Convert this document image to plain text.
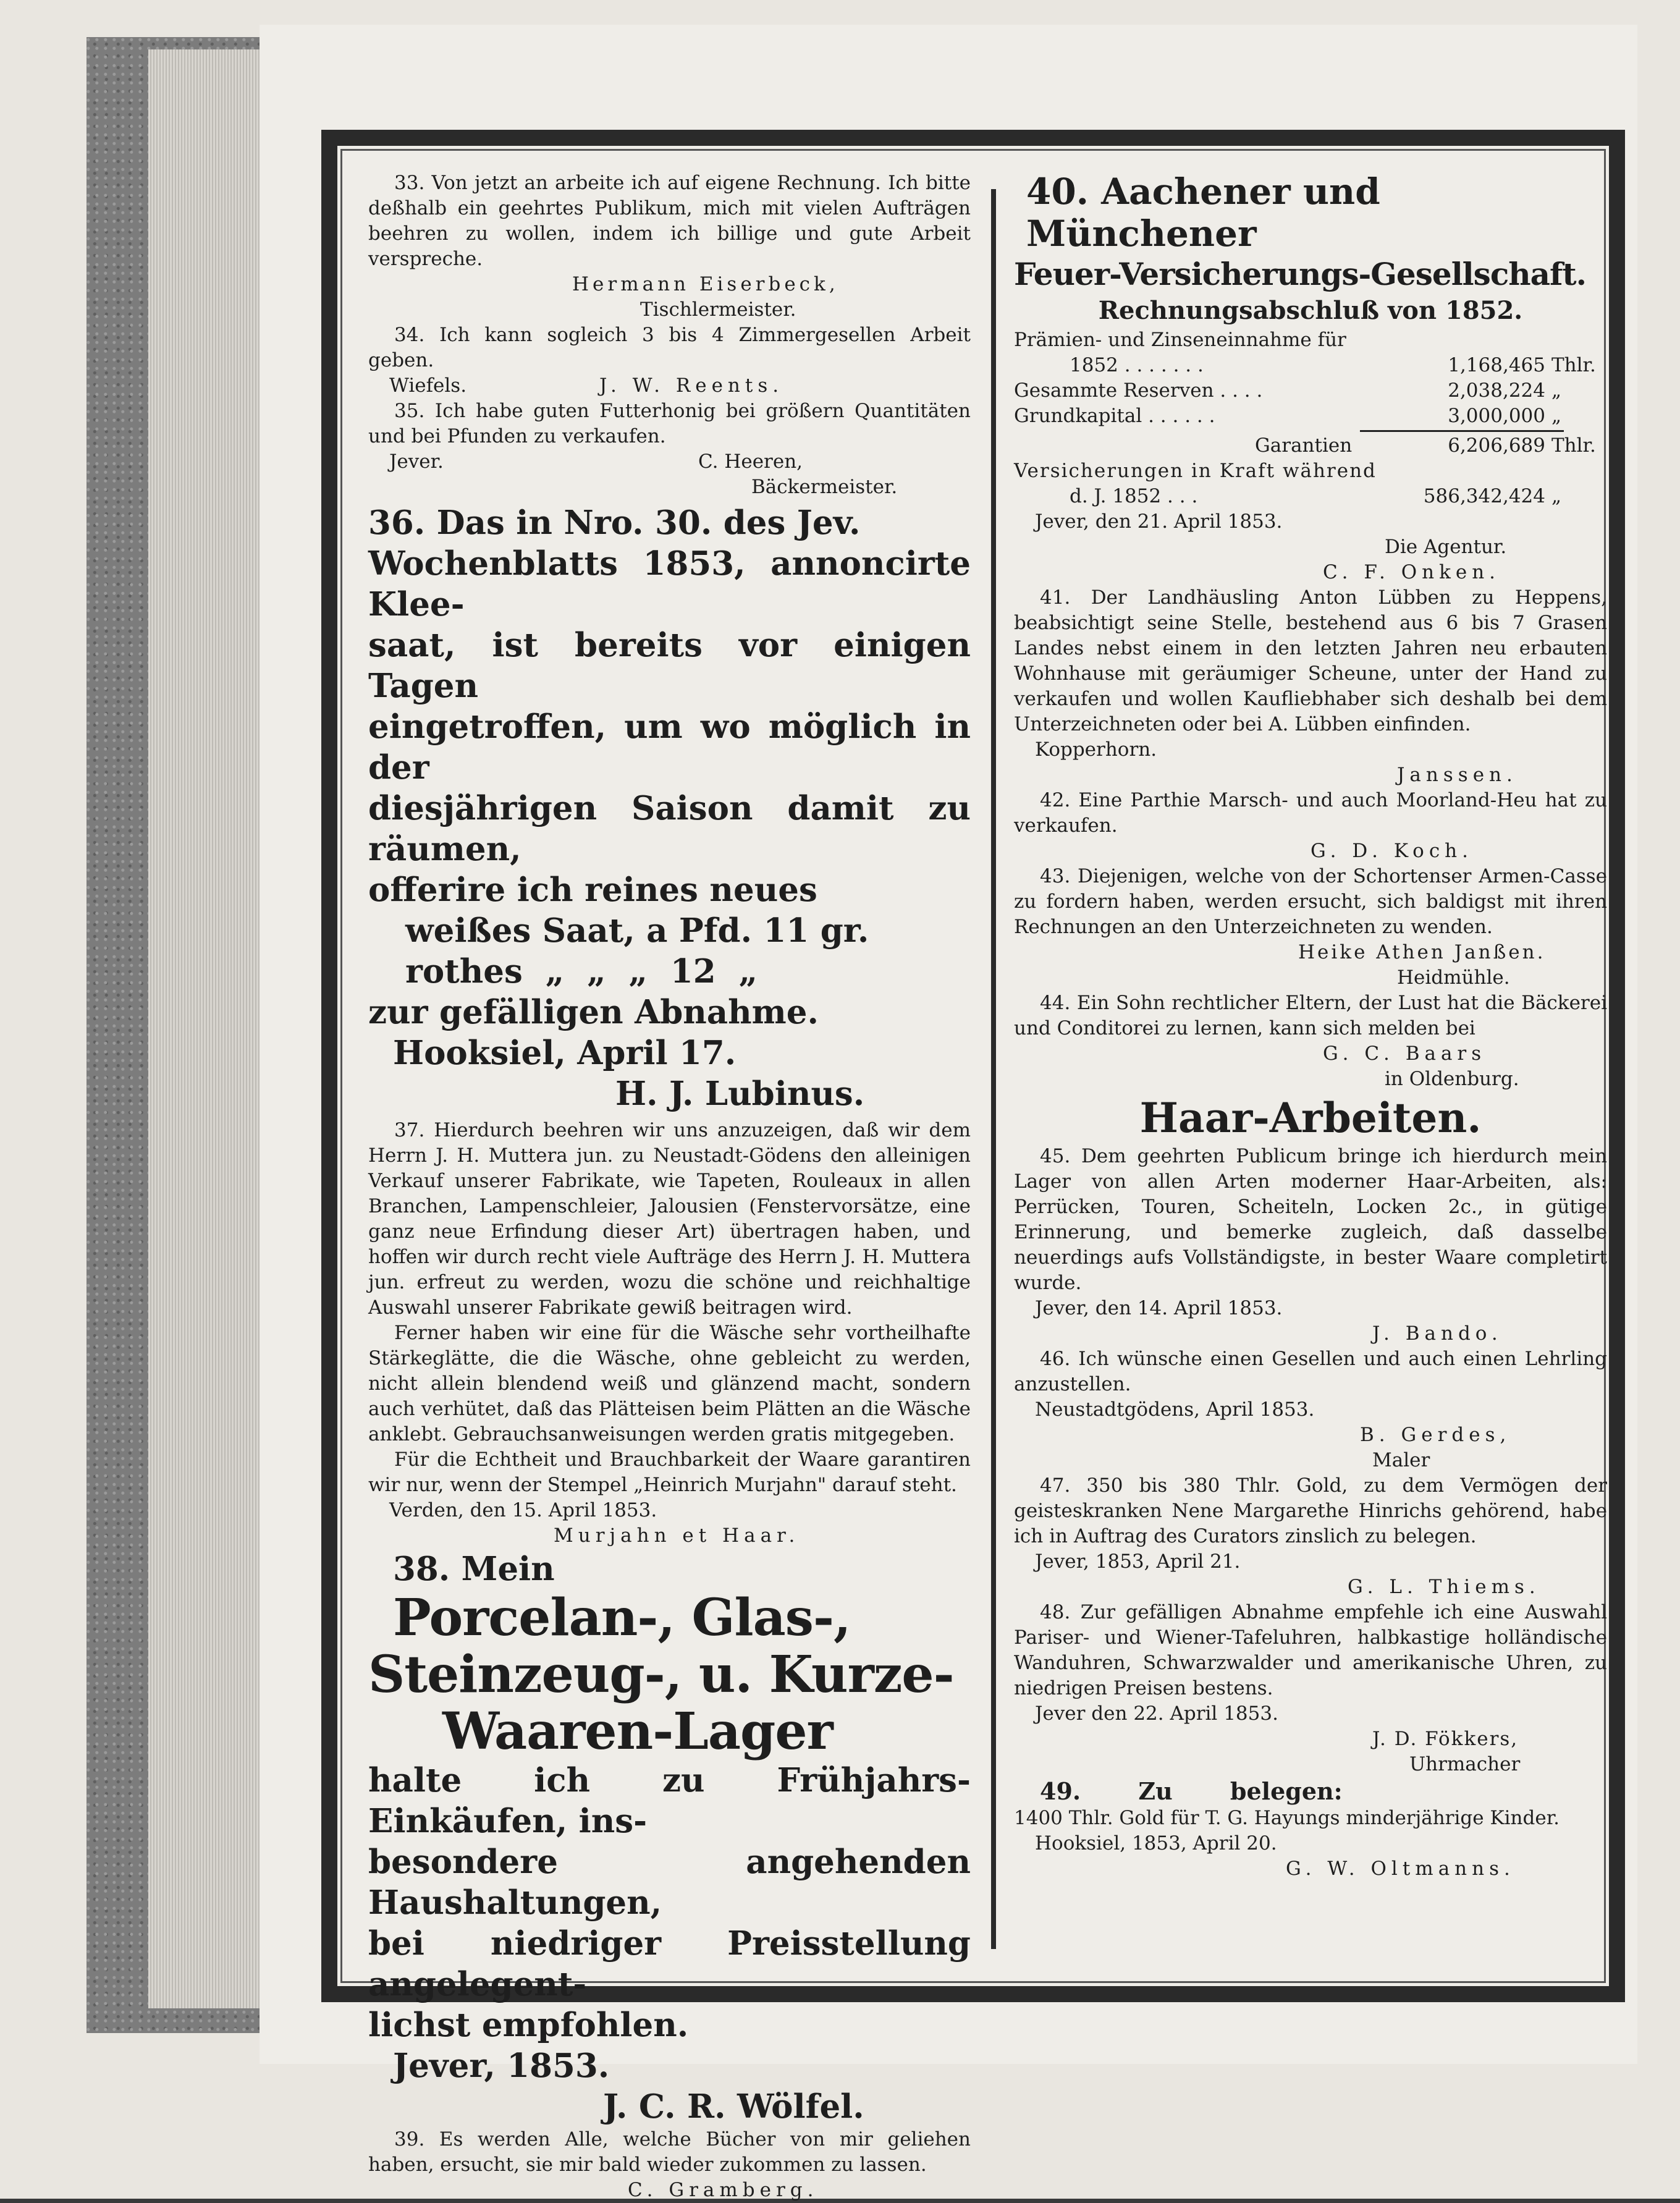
33. Von jetzt an arbeite ich auf eigene Rechnung. Ich bitte deßhalb ein geehrtes Publikum, mich mit vielen Aufträgen beehren zu wollen, indem ich billige und gute Arbeit verspreche.

Hermann Eiserbeck,

Tischlermeister.

34. Ich kann sogleich 3 bis 4 Zimmergesellen Arbeit geben.

Wiefels.	J. W. Reents.

35. Ich habe guten Futterhonig bei größern Quantitäten und bei Pfunden zu verkaufen.

Jever.	C. Heeren,

Bäckermeister.

36. Das in Nro. 30. des Jev.
Wochenblatts 1853, annoncirte Klee-
saat, ist bereits vor einigen Tagen
eingetroffen, um wo möglich in der
diesjährigen Saison damit zu räumen,
offerire ich reines neues
weißes Saat, a Pfd. 11 gr.
rothes  „  „  „  12  „
zur gefälligen Abnahme.
Hooksiel, April 17.
H. J. Lubinus.

37. Hierdurch beehren wir uns anzuzeigen, daß wir dem Herrn J. H. Muttera jun. zu Neustadt-Gödens den alleinigen Verkauf unserer Fabrikate, wie Tapeten, Rouleaux in allen Branchen, Lampenschleier, Jalousien (Fenstervorsätze, eine ganz neue Erfindung dieser Art) übertragen haben, und hoffen wir durch recht viele Aufträge des Herrn J. H. Muttera jun. erfreut zu werden, wozu die schöne und reichhaltige Auswahl unserer Fabrikate gewiß beitragen wird.

Ferner haben wir eine für die Wäsche sehr vortheilhafte Stärkeglätte, die die Wäsche, ohne gebleicht zu werden, nicht allein blendend weiß und glänzend macht, sondern auch verhütet, daß das Plätteisen beim Plätten an die Wäsche anklebt. Gebrauchsanweisungen werden gratis mitgegeben.

Für die Echtheit und Brauchbarkeit der Waare garantiren wir nur, wenn der Stempel „Heinrich Murjahn" darauf steht.

Verden, den 15. April 1853.

Murjahn et Haar.

38. Mein

Porcelan-, Glas-,
Steinzeug-, u. Kurze-
Waaren-Lager
halte ich zu Frühjahrs-Einkäufen, ins-
besondere angehenden Haushaltungen,
bei niedriger Preisstellung angelegent-
lichst empfohlen.
Jever, 1853.
J. C. R. Wölfel.

39. Es werden Alle, welche Bücher von mir geliehen haben, ersucht, sie mir bald wieder zukommen zu lassen.

C. Gramberg.

40. Aachener und Münchener

Feuer-Versicherungs-Gesellschaft.

Rechnungsabschluß von 1852.

Prämien- und Zinseneinnahme für
1852 . . . . . . .	1,168,465 Thlr.
Gesammte Reserven . . . .	2,038,224 „
Grundkapital . . . . . .	3,000,000 „
Garantien	6,206,689 Thlr.

Versicherungen in Kraft während

d. J. 1852 . . .	586,342,424 „

Jever, den 21. April 1853.

Die Agentur.

C. F. Onken.

41. Der Landhäusling Anton Lübben zu Heppens, beabsichtigt seine Stelle, bestehend aus 6 bis 7 Grasen Landes nebst einem in den letzten Jahren neu erbauten Wohnhause mit geräumiger Scheune, unter der Hand zu verkaufen und wollen Kaufliebhaber sich deshalb bei dem Unterzeichneten oder bei A. Lübben einfinden.

Kopperhorn.

Janssen.

42. Eine Parthie Marsch- und auch Moorland-Heu hat zu verkaufen.

G. D. Koch.

43. Diejenigen, welche von der Schortenser Armen-Casse zu fordern haben, werden ersucht, sich baldigst mit ihren Rechnungen an den Unterzeichneten zu wenden.

Heike Athen Janßen.

Heidmühle.

44. Ein Sohn rechtlicher Eltern, der Lust hat die Bäckerei und Conditorei zu lernen, kann sich melden bei

G. C. Baars

in Oldenburg.

Haar-Arbeiten.

45. Dem geehrten Publicum bringe ich hierdurch mein Lager von allen Arten moderner Haar-Arbeiten, als: Perrücken, Touren, Scheiteln, Locken 2c., in gütige Erinnerung, und bemerke zugleich, daß dasselbe neuerdings aufs Vollständigste, in bester Waare completirt wurde.

Jever, den 14. April 1853.

J. Bando.

46. Ich wünsche einen Gesellen und auch einen Lehrling anzustellen.

Neustadtgödens, April 1853.

B. Gerdes,

Maler

47. 350 bis 380 Thlr. Gold, zu dem Vermögen der geisteskranken Nene Margarethe Hinrichs gehörend, habe ich in Auftrag des Curators zinslich zu belegen.

Jever, 1853, April 21.

G. L. Thiems.

48. Zur gefälligen Abnahme empfehle ich eine Auswahl Pariser- und Wiener-Tafeluhren, halbkastige holländische Wanduhren, Schwarzwalder und amerikanische Uhren, zu niedrigen Preisen bestens.

Jever den 22. April 1853.

J. D. Fökkers,

Uhrmacher

49. Zu belegen:

1400 Thlr. Gold für T. G. Hayungs minderjährige Kinder.

Hooksiel, 1853, April 20.

G. W. Oltmanns.
